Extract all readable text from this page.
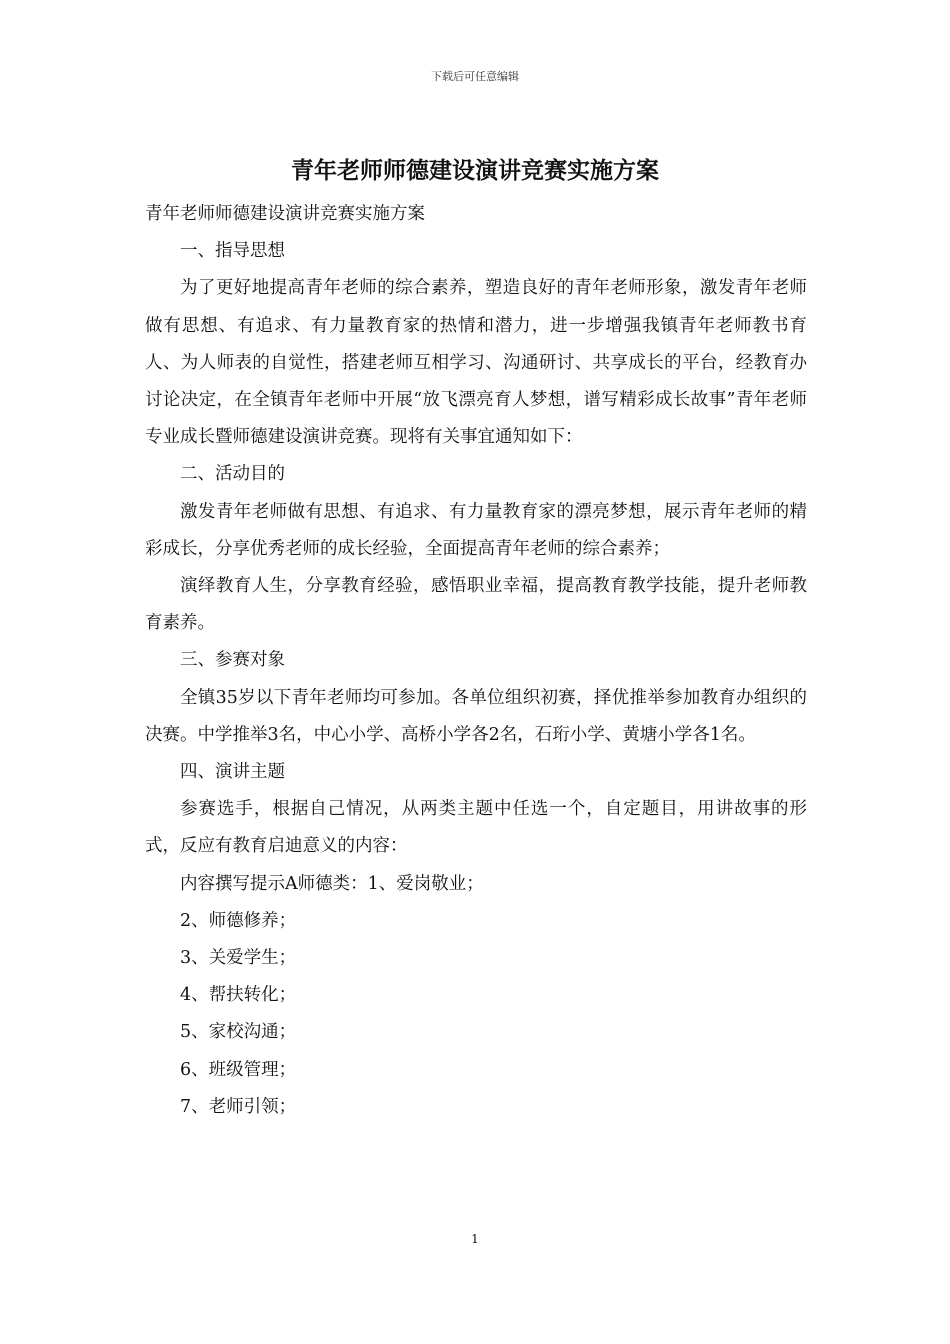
下载后可任意编辑
青年老师师德建设演讲竞赛实施方案

青年老师师德建设演讲竞赛实施方案

一、指导思想

为了更好地提高青年老师的综合素养，塑造良好的青年老师形象，激发青年老师做有思想、有追求、有力量教育家的热情和潜力，进一步增强我镇青年老师教书育人、为人师表的自觉性，搭建老师互相学习、沟通研讨、共享成长的平台，经教育办讨论决定，在全镇青年老师中开展“放飞漂亮育人梦想，谱写精彩成长故事”青年老师专业成长暨师德建设演讲竞赛。现将有关事宜通知如下：

二、活动目的

激发青年老师做有思想、有追求、有力量教育家的漂亮梦想，展示青年老师的精彩成长，分享优秀老师的成长经验，全面提高青年老师的综合素养；

演绎教育人生，分享教育经验，感悟职业幸福，提高教育教学技能，提升老师教育素养。

三、参赛对象

全镇35岁以下青年老师均可参加。各单位组织初赛，择优推举参加教育办组织的决赛。中学推举3名，中心小学、高桥小学各2名，石珩小学、黄塘小学各1名。

四、演讲主题

参赛选手，根据自己情况，从两类主题中任选一个，自定题目，用讲故事的形式，反应有教育启迪意义的内容：

内容撰写提示A师德类：1、爱岗敬业；

2、师德修养；

3、关爱学生；

4、帮扶转化；

5、家校沟通；

6、班级管理；

7、老师引领；

1
